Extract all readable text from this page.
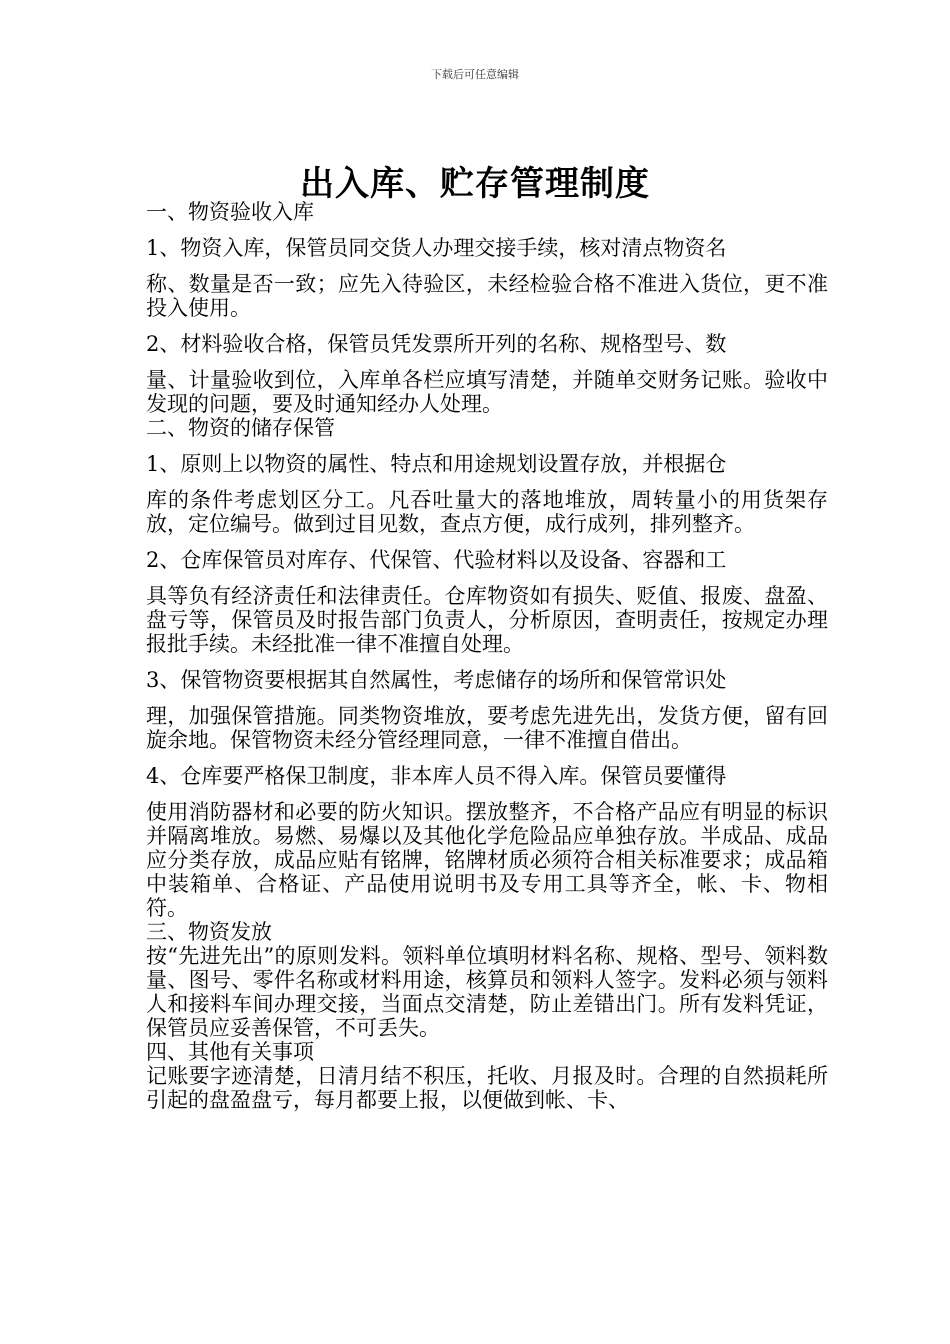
下载后可任意编辑
出入库、贮存管理制度

一、物资验收入库

1、物资入库，保管员同交货人办理交接手续，核对清点物资名

称、数量是否一致；应先入待验区，未经检验合格不准进入货位，更不准投入使用。

2、材料验收合格，保管员凭发票所开列的名称、规格型号、数

量、计量验收到位，入库单各栏应填写清楚，并随单交财务记账。验收中发现的问题，要及时通知经办人处理。

二、物资的储存保管

1、原则上以物资的属性、特点和用途规划设置存放，并根据仓

库的条件考虑划区分工。凡吞吐量大的落地堆放，周转量小的用货架存放，定位编号。做到过目见数，查点方便，成行成列，排列整齐。

2、仓库保管员对库存、代保管、代验材料以及设备、容器和工

具等负有经济责任和法律责任。仓库物资如有损失、贬值、报废、盘盈、盘亏等，保管员及时报告部门负责人，分析原因，查明责任，按规定办理报批手续。未经批准一律不准擅自处理。

3、保管物资要根据其自然属性，考虑储存的场所和保管常识处

理，加强保管措施。同类物资堆放，要考虑先进先出，发货方便，留有回旋余地。保管物资未经分管经理同意，一律不准擅自借出。

4、仓库要严格保卫制度，非本库人员不得入库。保管员要懂得

使用消防器材和必要的防火知识。摆放整齐，不合格产品应有明显的标识并隔离堆放。易燃、易爆以及其他化学危险品应单独存放。半成品、成品应分类存放，成品应贴有铭牌，铭牌材质必须符合相关标准要求；成品箱中装箱单、合格证、产品使用说明书及专用工具等齐全，帐、卡、物相符。

三、物资发放

按“先进先出”的原则发料。领料单位填明材料名称、规格、型号、领料数量、图号、零件名称或材料用途，核算员和领料人签字。发料必须与领料人和接料车间办理交接，当面点交清楚，防止差错出门。所有发料凭证，保管员应妥善保管，不可丢失。

四、其他有关事项

记账要字迹清楚，日清月结不积压，托收、月报及时。合理的自然损耗所引起的盘盈盘亏，每月都要上报，以便做到帐、卡、
